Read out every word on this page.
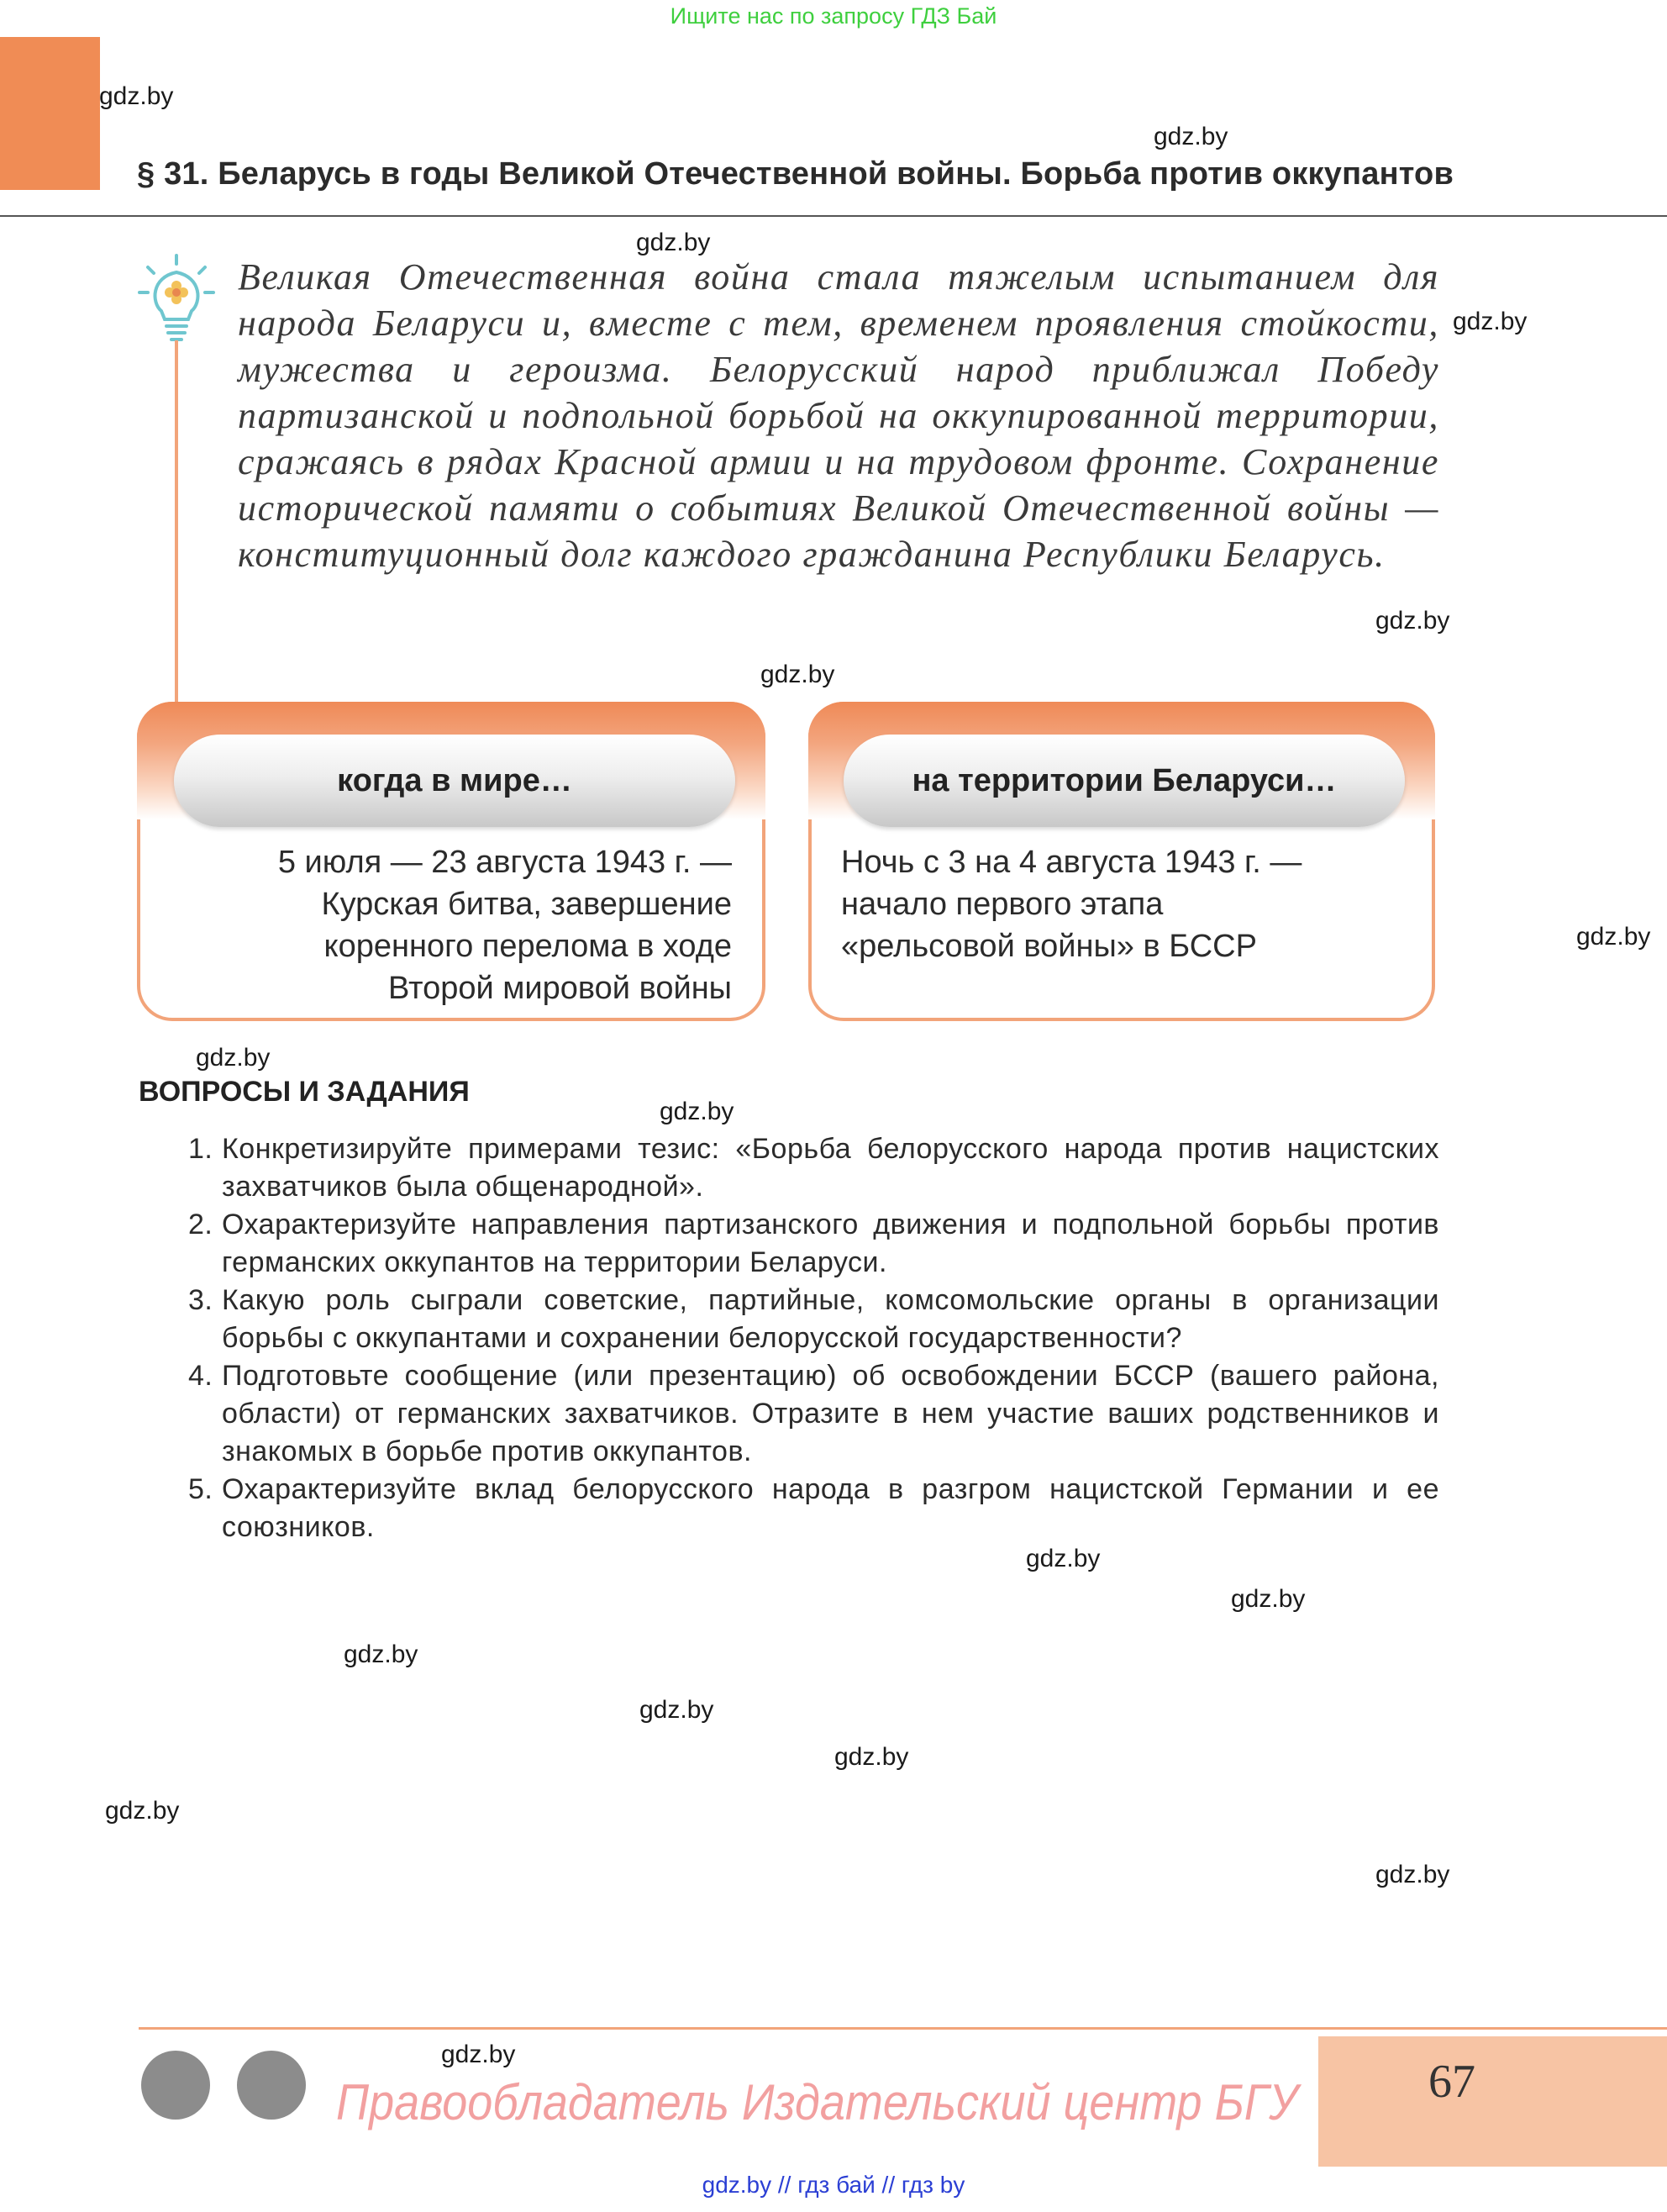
Ищите нас по запросу ГДЗ Бай
§ 31. Беларусь в годы Великой Отечественной войны. Борьба против оккупантов
gdz.by
gdz.by
gdz.by
gdz.by
gdz.by
gdz.by
gdz.by
gdz.by
gdz.by
gdz.by
gdz.by
gdz.by
gdz.by
gdz.by
gdz.by
gdz.by
gdz.by
Великая Отечественная война стала тяжелым испытанием для народа Беларуси и, вместе с тем, временем проявления стойкости, мужества и героизма. Белорусский народ приближал Победу партизанской и подпольной борьбой на оккупированной территории, сражаясь в рядах Красной армии и на трудовом фронте. Сохранение исторической памяти о событиях Великой Отечественной войны — конституционный долг каждого гражданина Республики Беларусь.
когда в мире…
5 июля — 23 августа 1943 г. —
Курская битва, завершение
коренного перелома в ходе
Второй мировой войны
на территории Беларуси…
Ночь с 3 на 4 августа 1943 г. —
начало первого этапа
«рельсовой войны» в БССР
ВОПРОСЫ И ЗАДАНИЯ
1. Конкретизируйте примерами тезис: «Борьба белорусского народа против нацистских захватчиков была общенародной».
2. Охарактеризуйте направления партизанского движения и подпольной борьбы против германских оккупантов на территории Беларуси.
3. Какую роль сыграли советские, партийные, комсомольские органы в организации борьбы с оккупантами и сохранении белорусской государственности?
4. Подготовьте сообщение (или презентацию) об освобождении БССР (вашего района, области) от германских захватчиков. Отразите в нем участие ваших родственников и знакомых в борьбе против оккупантов.
5. Охарактеризуйте вклад белорусского народа в разгром нацистской Германии и ее союзников.
Правообладатель Издательский центр БГУ	67
gdz.by // гдз бай // гдз by
